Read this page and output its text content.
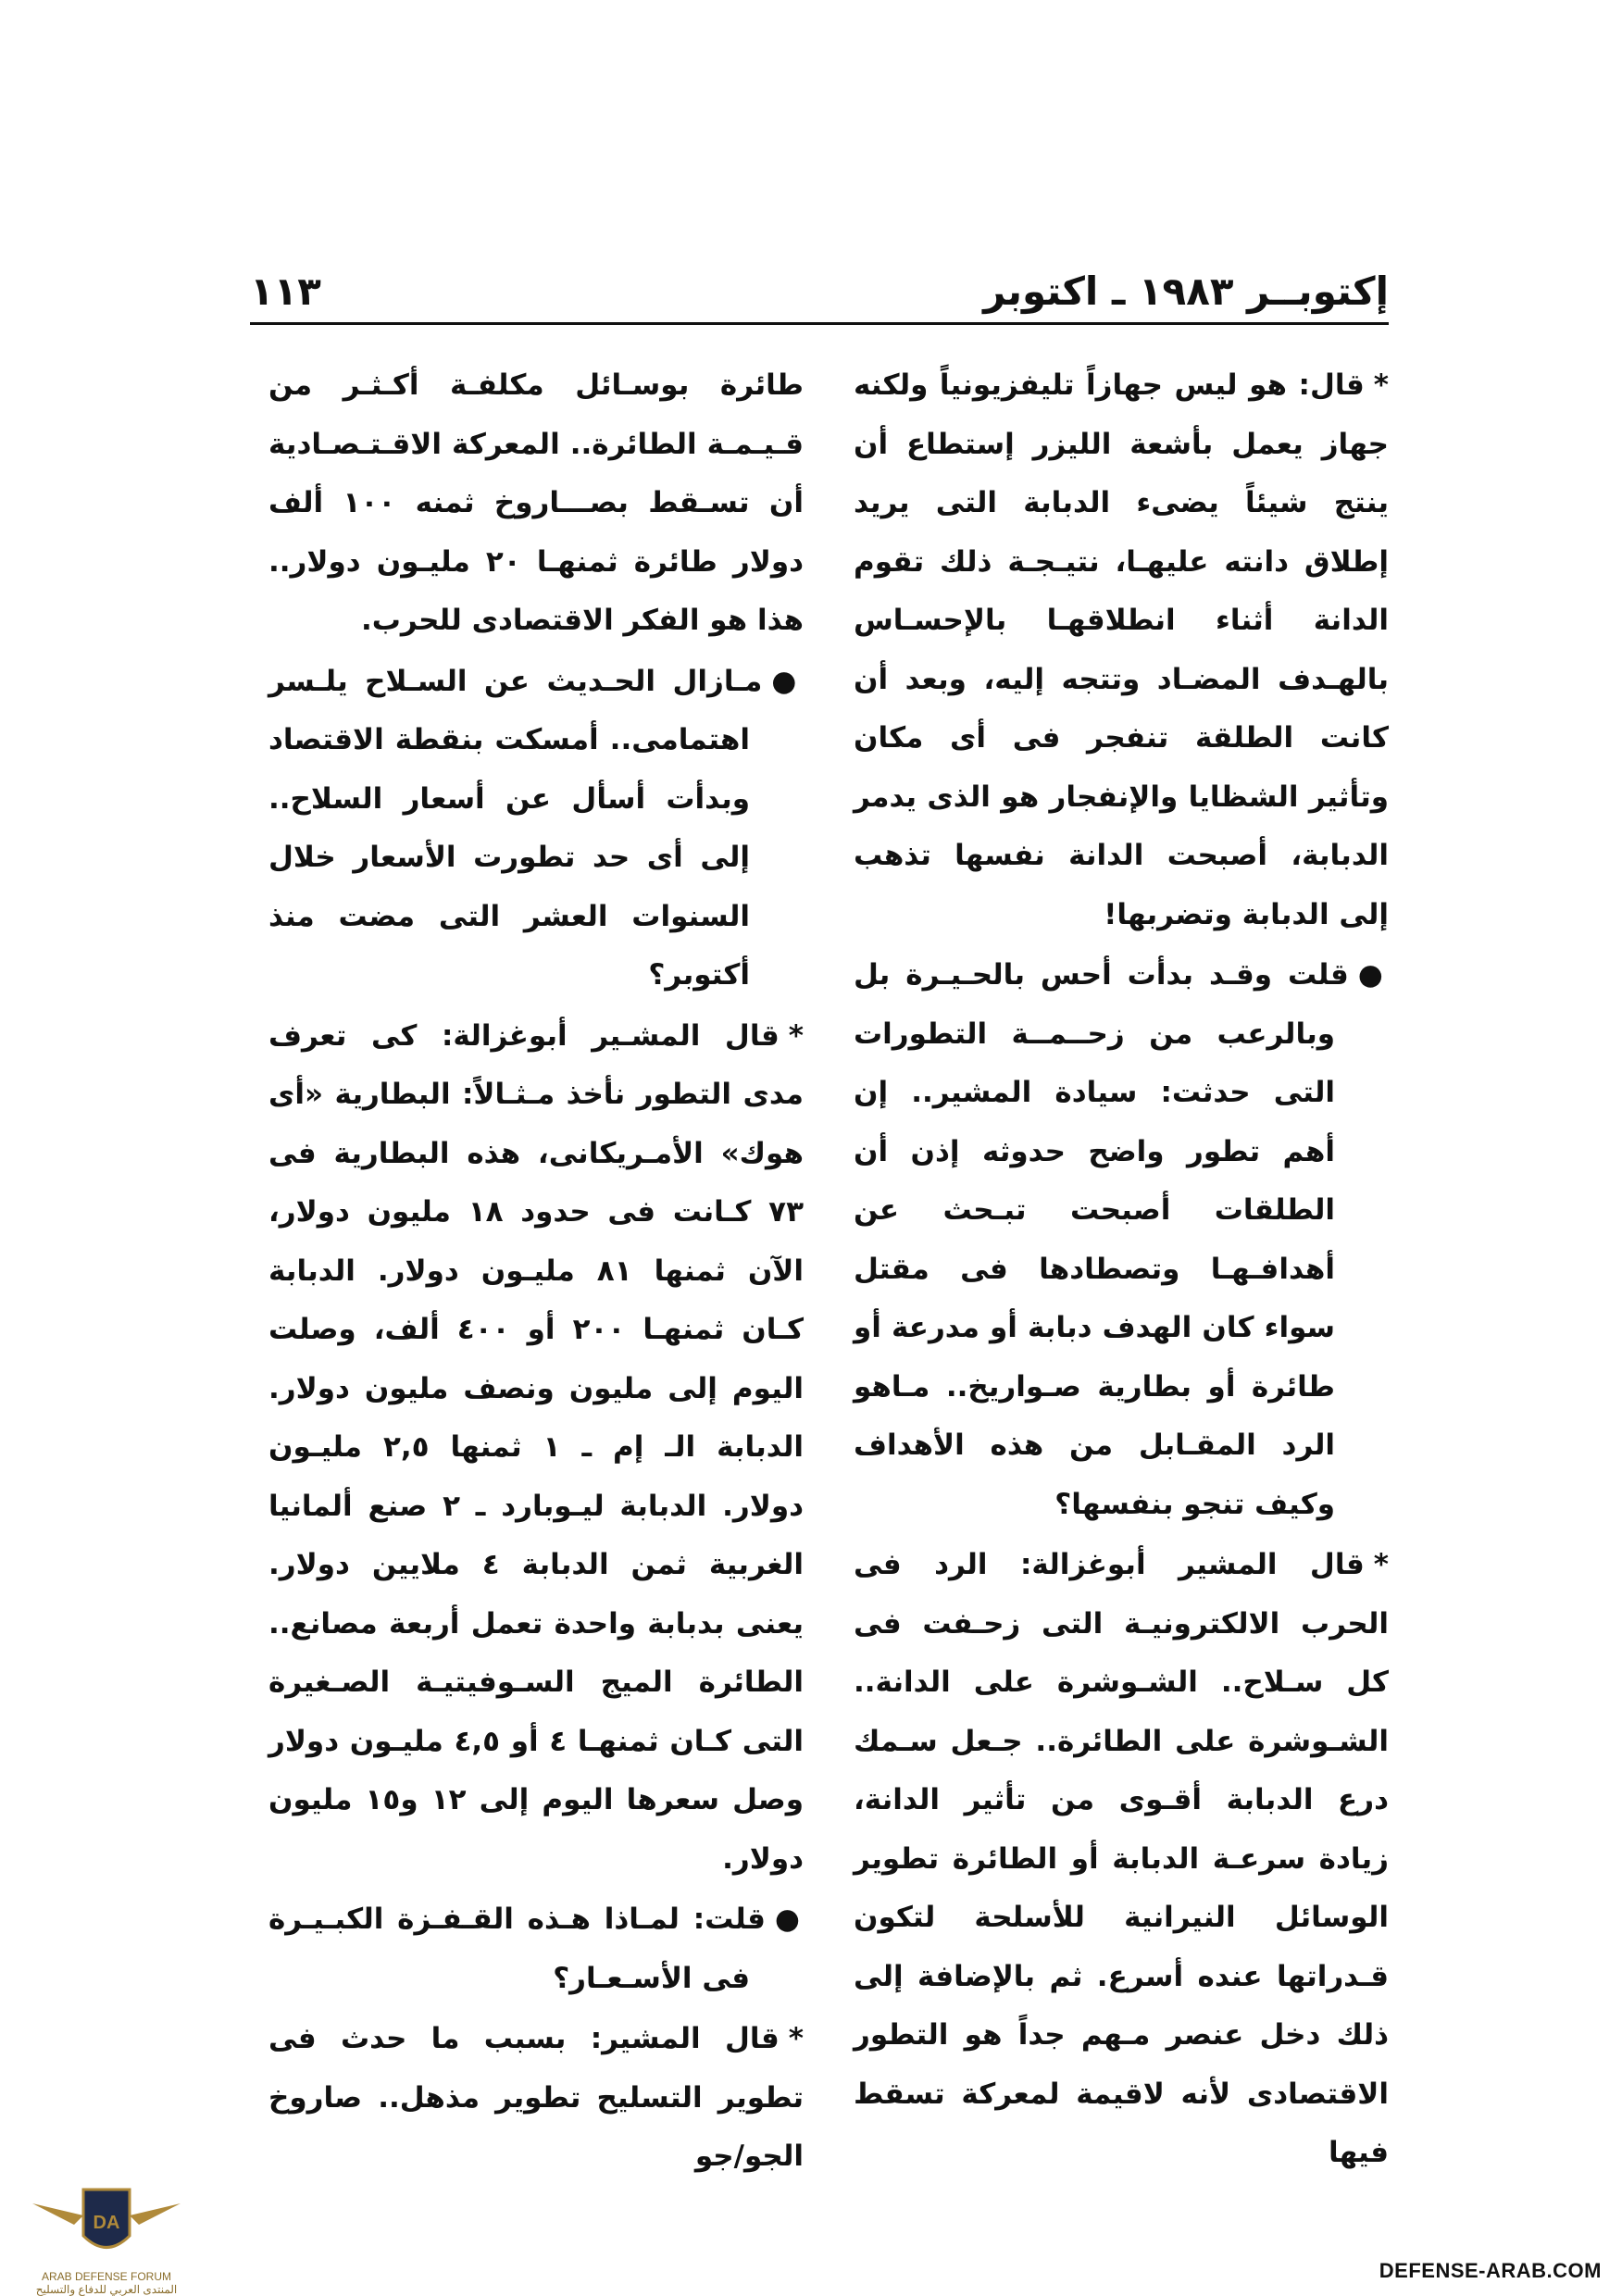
١١٣	إكتوبــر ١٩٨٣ ـ اكتوبر

*قال: هو ليس جهازاً تليفزيونياً ولكنه جهاز يعمل بأشعة الليزر إستطاع أن ينتج شيئاً يضىء الدبابة التى يريد إطلاق دانته عليهـا، نتيـجـة ذلك تقوم الدانة أثناء انطلاقهـا بالإحسـاس بالهـدف المضـاد وتتجه إليه، وبعد أن كانت الطلقة تنفجر فى أى مكان وتأثير الشظايا والإنفجار هو الذى يدمر الدبابة، أصبحت الدانة نفسها تذهب إلى الدبابة وتضربها!

●قلت وقـد بدأت أحس بالحـيـرة بل وبالرعب من زحــمــة التطورات التى حدثت: سيادة المشير.. إن أهم تطور واضح حدوثه إذن أن الطلقات أصبحت تبـحث عن أهدافـهـا وتصطادها فى مقتل سواء كان الهدف دبابة أو مدرعة أو طائرة أو بطارية صـواريخ.. مـاهو الرد المقـابل من هذه الأهداف وكيف تنجو بنفسها؟

*قال المشير أبوغزالة: الرد فى الحرب الالكترونيـة التى زحـفت فى كل سـلاح.. الشـوشرة على الدانة.. الشـوشرة على الطائرة.. جـعل سـمك درع الدبابة أقـوى من تأثير الدانة، زيادة سرعـة الدبابة أو الطائرة تطوير الوسائل النيرانية للأسلحة لتكون قـدراتها عنده أسرع. ثم بالإضافة إلى ذلك دخل عنصر مـهم جداً هو التطور الاقتصادى لأنه لاقيمة لمعركة تسقط فيها

طائرة بوسـائل مكلفـة أكـثـر من قـيـمـة الطائرة.. المعركة الاقـتـصـادية أن تسـقط بصـــاروخ ثمنه ١٠٠ ألف دولار طائرة ثمنهـا ٢٠ مليـون دولار.. هذا هو الفكر الاقتصادى للحرب.

●مـازال الحـديث عن السـلاح يلـسر اهتمامى.. أمسكت بنقطة الاقتصاد وبدأت أسأل عن أسعار السلاح.. إلى أى حد تطورت الأسعار خلال السنوات العشر التى مضت منذ أكتوبر؟

*قال المشـير أبوغزالة: كى تعرف مدى التطور نأخذ مـثـالاً: البطارية «أى هوك» الأمـريكانى، هذه البطارية فى ٧٣ كـانت فى حدود ١٨ مليون دولار، الآن ثمنها ٨١ مليـون دولار. الدبابة كـان ثمنهـا ٢٠٠ أو ٤٠٠ ألف، وصلت اليوم إلى مليون ونصف مليون دولار. الدبابة الـ إم ـ ١ ثمنها ٢,٥ مليـون دولار. الدبابة ليـوبارد ـ ٢ صنع ألمانيا الغربية ثمن الدبابة ٤ ملايين دولار. يعنى بدبابة واحدة تعمل أربعة مصانع.. الطائرة الميج السـوفيتيـة الصـغيرة التى كـان ثمنهـا ٤ أو ٤,٥ مليـون دولار وصل سعرها اليوم إلى ١٢ و١٥ مليون دولار.

●قلت: لمـاذا هـذه القـفـزة الكبـيـرة فى الأسـعـار؟

*قال المشير: بسبب ما حدث فى تطوير التسليح تطوير مذهل.. صاروخ الجو/جو

DA
ARAB DEFENSE FORUM
المنتدى العربي للدفاع والتسليح
DEFENSE-ARAB.COM
